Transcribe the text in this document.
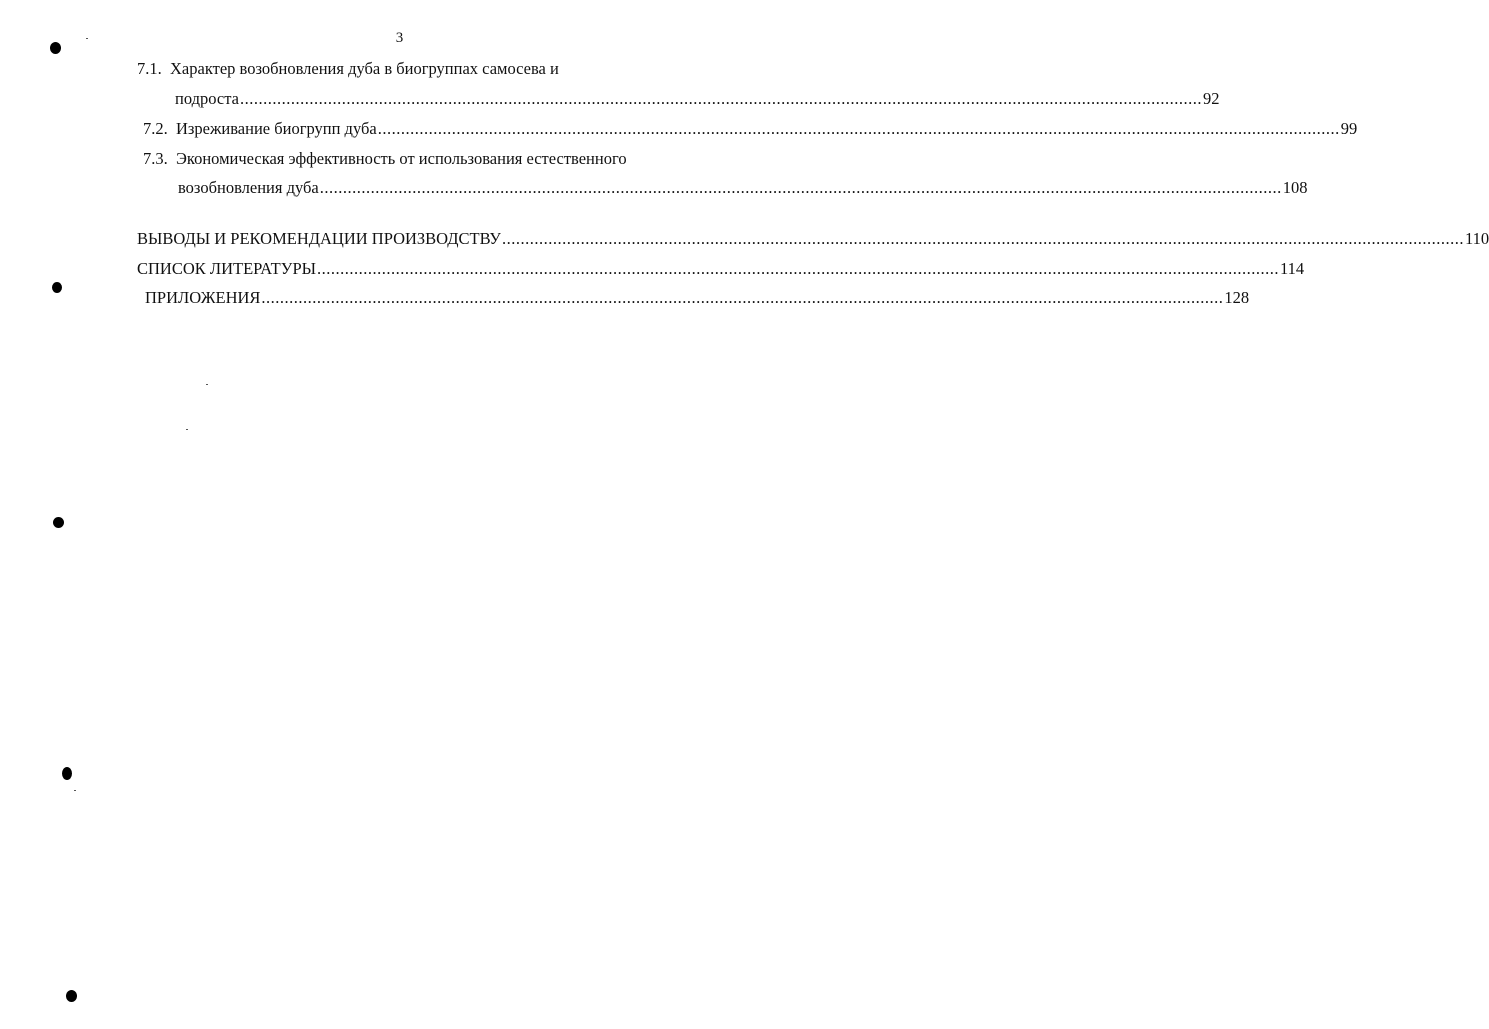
3
7.1. Характер возобновления дуба в биогруппах самосева и
подроста ................................................................................................................................................................................................................ 92
7.2. Изреживание биогрупп дуба ................................................................................................................................................................................................................ 99
7.3. Экономическая эффективность от использования естественного
возобновления дуба ................................................................................................................................................................................................................ 108
ВЫВОДЫ И РЕКОМЕНДАЦИИ ПРОИЗВОДСТВУ ................................................................................................................................................................................................................ 110
СПИСОК ЛИТЕРАТУРЫ ................................................................................................................................................................................................................ 114
ПРИЛОЖЕНИЯ ................................................................................................................................................................................................................ 128
